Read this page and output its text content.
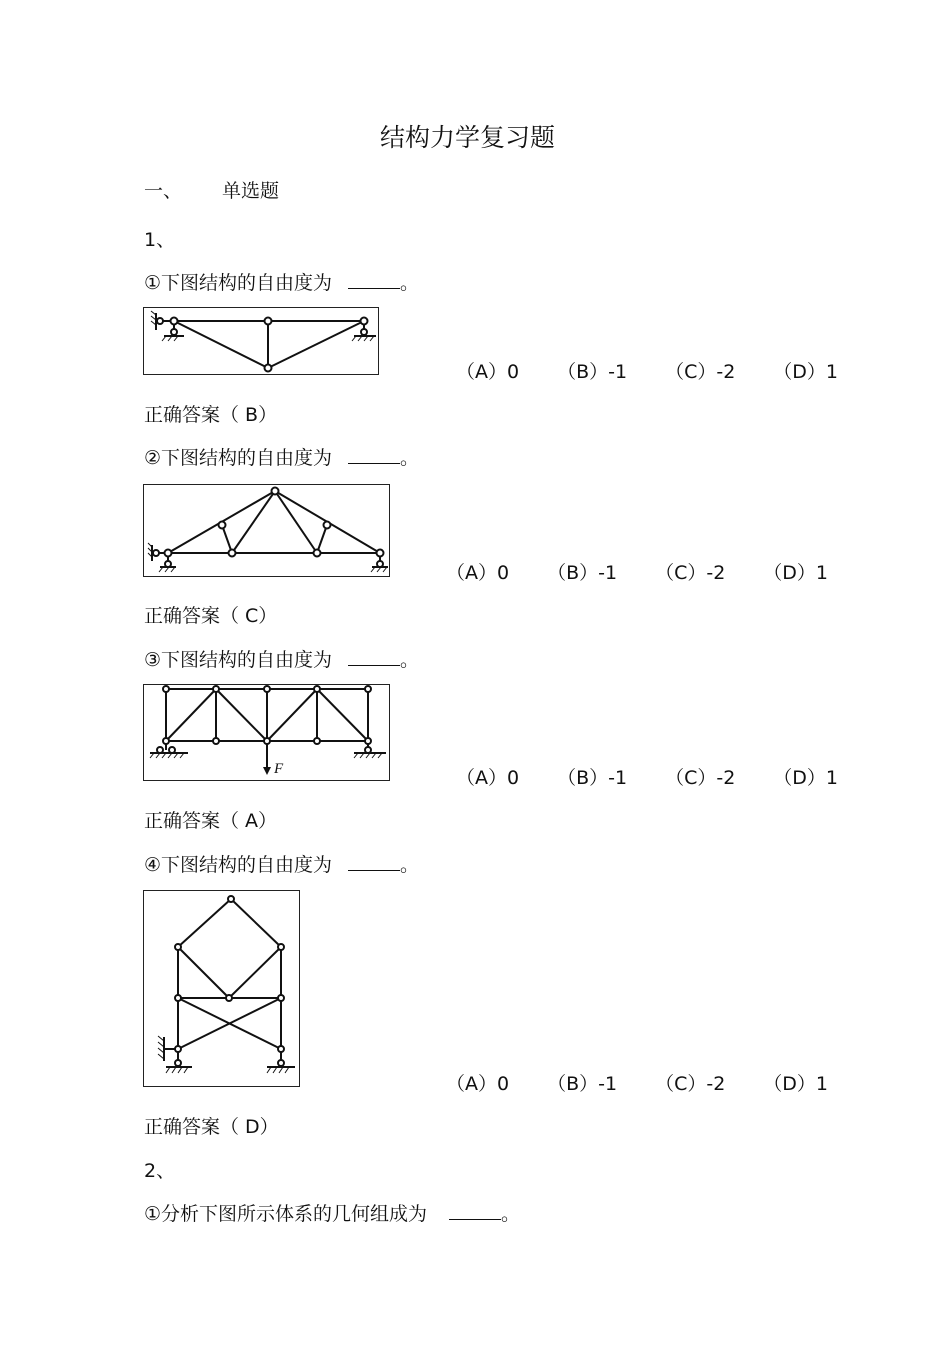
结构力学复习题
一、 单选题
1、
①下图结构的自由度为	。
（A）0 （B）-1 （C）-2 （D）1
正确答案（ B）
②下图结构的自由度为	。
（A）0 （B）-1 （C）-2 （D）1
正确答案（ C）
③下图结构的自由度为	。
F	（A）0 （B）-1 （C）-2 （D）1
正确答案（ A）
④下图结构的自由度为	。
（A）0 （B）-1 （C）-2 （D）1
正确答案（ D）
2、
①分析下图所示体系的几何组成为	。
